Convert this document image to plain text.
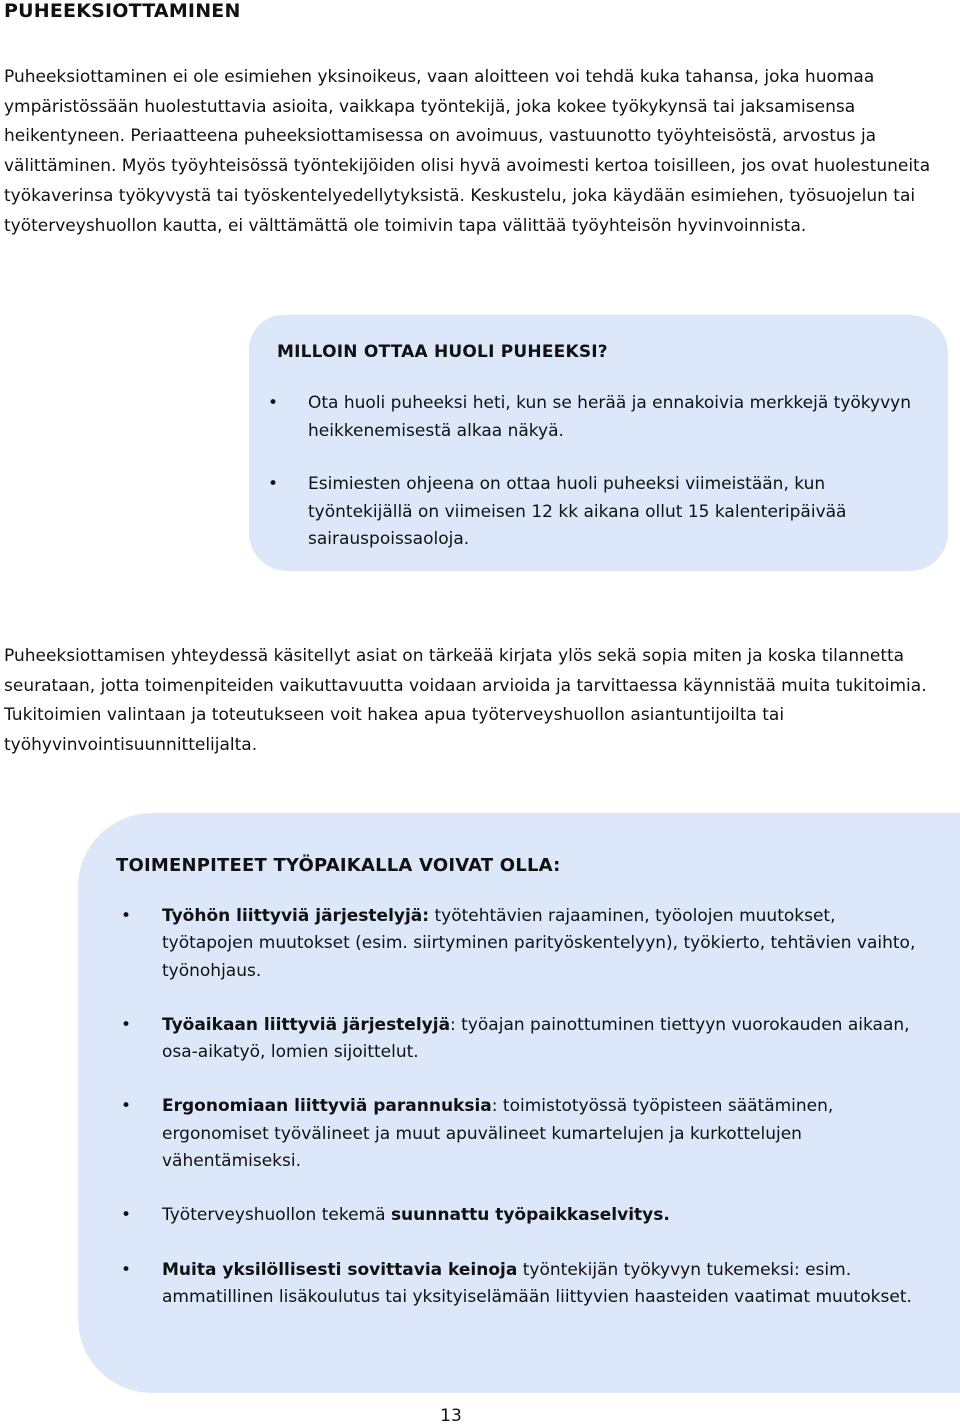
PUHEEKSIOTTAMINEN

Puheeksiottaminen ei ole esimiehen yksinoikeus, vaan aloitteen voi tehdä kuka tahansa, joka huomaa ympäristössään huolestuttavia asioita, vaikkapa työntekijä, joka kokee työkykynsä tai jaksamisensa heikentyneen. Periaatteena puheeksiottamisessa on avoimuus, vastuunotto työyhteisöstä, arvostus ja välittäminen. Myös työyhteisössä työntekijöiden olisi hyvä avoimesti kertoa toisilleen, jos ovat huolestuneita työkaverinsa työkyvystä tai työskentelyedellytyksistä. Keskustelu, joka käydään esimiehen, työsuojelun tai työterveyshuollon kautta, ei välttämättä ole toimivin tapa välittää työyhteisön hyvinvoinnista.

MILLOIN OTTAA HUOLI PUHEEKSI?
• Ota huoli puheeksi heti, kun se herää ja ennakoivia merkkejä työkyvyn heikkenemisestä alkaa näkyä.
• Esimiesten ohjeena on ottaa huoli puheeksi viimeistään, kun työntekijällä on viimeisen 12 kk aikana ollut 15 kalenteripäivää sairauspoissaoloja.

Puheeksiottamisen yhteydessä käsitellyt asiat on tärkeää kirjata ylös sekä sopia miten ja koska tilannetta seurataan, jotta toimenpiteiden vaikuttavuutta voidaan arvioida ja tarvittaessa käynnistää muita tukitoimia. Tukitoimien valintaan ja toteutukseen voit hakea apua työterveyshuollon asiantuntijoilta tai työhyvinvointisuunnittelijalta.

TOIMENPITEET TYÖPAIKALLA VOIVAT OLLA:
• Työhön liittyviä järjestelyjä: työtehtävien rajaaminen, työolojen muutokset, työtapojen muutokset (esim. siirtyminen parityöskentelyyn), työkierto, tehtävien vaihto, työnohjaus.
• Työaikaan liittyviä järjestelyjä: työajan painottuminen tiettyyn vuorokauden aikaan, osa-aikatyö, lomien sijoittelut.
• Ergonomiaan liittyviä parannuksia: toimistotyössä työpisteen säätäminen, ergonomiset työvälineet ja muut apuvälineet kumartelujen ja kurkottelujen vähentämiseksi.
• Työterveyshuollon tekemä suunnattu työpaikkaselvitys.
• Muita yksilöllisesti sovittavia keinoja työntekijän työkyvyn tukemeksi: esim. ammatillinen lisäkoulutus tai yksityiselämään liittyvien haasteiden vaatimat muutokset.
13
